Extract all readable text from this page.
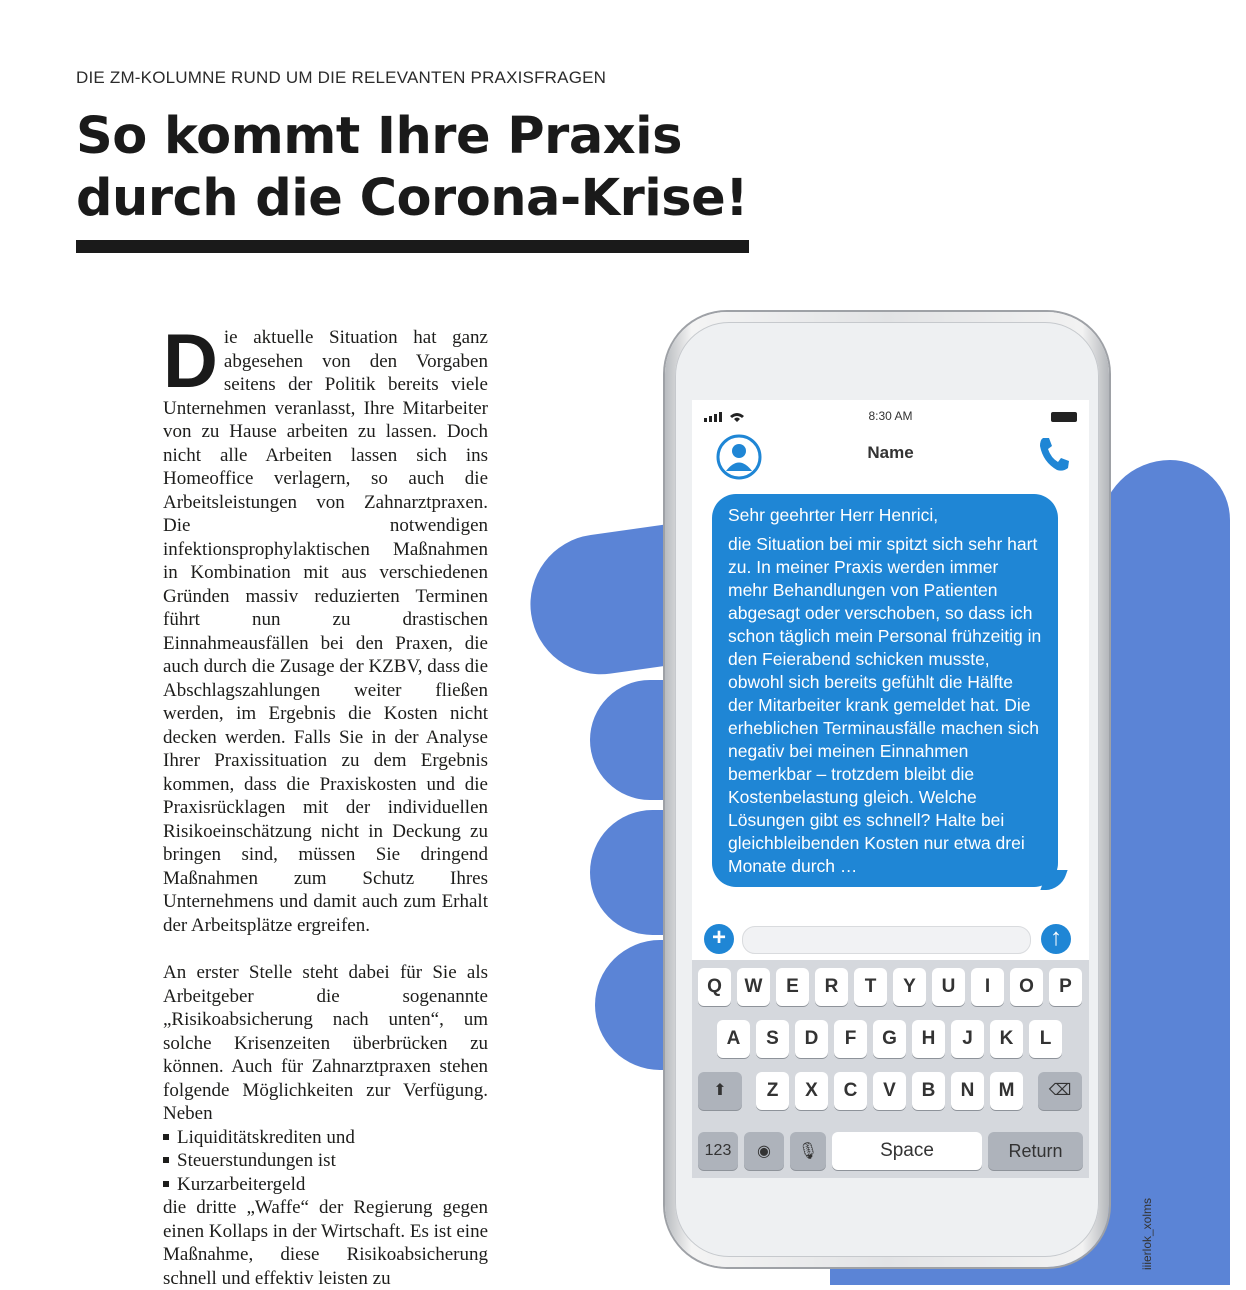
DIE ZM-KOLUMNE RUND UM DIE RELEVANTEN PRAXISFRAGEN
So kommt Ihre Praxis
durch die Corona-Krise!

Die aktuelle Situation hat ganz abgesehen von den Vorgaben seitens der Politik bereits viele Unternehmen veranlasst, Ihre Mitarbeiter von zu Hause arbeiten zu lassen. Doch nicht alle Arbeiten lassen sich ins Homeoffice verlagern, so auch die Arbeitsleistungen von Zahnarztpraxen. Die notwendigen infektionsprophylaktischen Maßnahmen in Kombination mit aus verschiedenen Gründen massiv reduzierten Terminen führt nun zu drastischen Einnahmeausfällen bei den Praxen, die auch durch die Zusage der KZBV, dass die Abschlagszahlungen weiter fließen werden, im Ergebnis die Kosten nicht decken werden. Falls Sie in der Analyse Ihrer Praxissituation zu dem Ergebnis kommen, dass die Praxiskosten und die Praxisrücklagen mit der individuellen Risikoeinschätzung nicht in Deckung zu bringen sind, müssen Sie dringend Maßnahmen zum Schutz Ihres Unternehmens und damit auch zum Erhalt der Arbeitsplätze ergreifen.

An erster Stelle steht dabei für Sie als Arbeitgeber die sogenannte „Risikoabsicherung nach unten“, um solche Krisenzeiten überbrücken zu können. Auch für Zahnarztpraxen stehen folgende Möglichkeiten zur Verfügung. Neben

Liquiditätskrediten und
Steuerstundungen ist
Kurzarbeitergeld

die dritte „Waffe“ der Regierung gegen einen Kollaps in der Wirtschaft. Es ist eine Maßnahme, diese Risikoabsicherung schnell und effektiv leisten zu

8:30 AM
Name

Sehr geehrter Herr Henrici,

die Situation bei mir spitzt sich sehr hart zu. In meiner Praxis werden immer mehr Behandlungen von Patienten abgesagt oder verschoben, so dass ich schon täglich mein Personal frühzeitig in den Feierabend schicken musste, obwohl sich bereits gefühlt die Hälfte der Mitarbeiter krank gemeldet hat. Die erheblichen Terminausfälle machen sich negativ bei meinen Einnahmen bemerkbar – trotzdem bleibt die Kostenbelastung gleich. Welche Lösungen gibt es schnell? Halte bei gleichbleibenden Kosten nur etwa drei Monate durch …

Vielen Dank!

+	↑
Q	W	E	R	T	Y	U	I	O	P
A	S	D	F	G	H	J	K	L
⬆	Z	X	C	V	B	N	M	⌫
123	◉	🎙	Space	Return
iiierlok_xolms
